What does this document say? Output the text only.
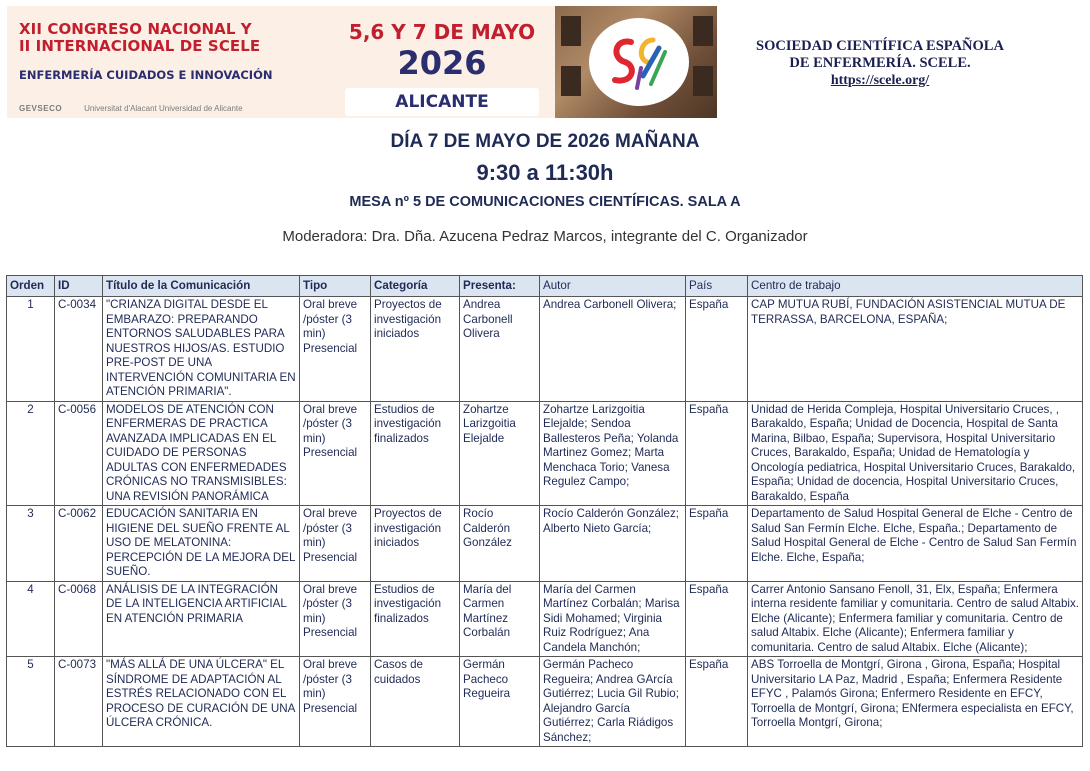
XII CONGRESO NACIONAL Y
II INTERNACIONAL DE SCELE
ENFERMERÍA CUIDADOS E INNOVACIÓN
GEVSECO	Universitat d'Alacant Universidad de Alicante
5,6 Y 7 DE MAYO
2026
ALICANTE
SOCIEDAD CIENTÍFICA ESPAÑOLA
DE ENFERMERÍA. SCELE.
https://scele.org/
DÍA 7 DE MAYO DE 2026 MAÑANA
9:30 a 11:30h
MESA nº 5 DE COMUNICACIONES CIENTÍFICAS. SALA A
Moderadora: Dra. Dña. Azucena Pedraz Marcos, integrante del C. Organizador
Orden	ID	Título de la Comunicación	Tipo	Categoría	Presenta:	Autor	País	Centro de trabajo
1	C-0034	"CRIANZA DIGITAL DESDE EL EMBARAZO: PREPARANDO ENTORNOS SALUDABLES PARA NUESTROS HIJOS/AS. ESTUDIO PRE-POST DE UNA INTERVENCIÓN COMUNITARIA EN ATENCIÓN PRIMARIA".	Oral breve /póster (3 min) Presencial	Proyectos de investigación iniciados	Andrea Carbonell Olivera	Andrea Carbonell Olivera;	España	CAP MUTUA RUBÍ, FUNDACIÓN ASISTENCIAL MUTUA DE TERRASSA, BARCELONA, ESPAÑA;
2	C-0056	MODELOS DE ATENCIÓN CON ENFERMERAS DE PRACTICA AVANZADA IMPLICADAS EN EL CUIDADO DE PERSONAS ADULTAS CON ENFERMEDADES CRÓNICAS NO TRANSMISIBLES: UNA REVISIÓN PANORÁMICA	Oral breve /póster (3 min) Presencial	Estudios de investigación finalizados	Zohartze Larizgoitia Elejalde	Zohartze Larizgoitia Elejalde; Sendoa Ballesteros Peña; Yolanda Martinez Gomez; Marta Menchaca Torio; Vanesa Regulez Campo;	España	Unidad de Herida Compleja, Hospital Universitario Cruces, , Barakaldo, España; Unidad de Docencia, Hospital de Santa Marina, Bilbao, España; Supervisora, Hospital Universitario Cruces, Barakaldo, España; Unidad de Hematología y Oncología pediatrica, Hospital Universitario Cruces, Barakaldo, España; Unidad de docencia, Hospital Universitario Cruces, Barakaldo, España
3	C-0062	EDUCACIÓN SANITARIA EN HIGIENE DEL SUEÑO FRENTE AL USO DE MELATONINA: PERCEPCIÓN DE LA MEJORA DEL SUEÑO.	Oral breve /póster (3 min) Presencial	Proyectos de investigación iniciados	Rocío Calderón González	Rocío Calderón González; Alberto Nieto García;	España	Departamento de Salud Hospital General de Elche - Centro de Salud San Fermín Elche. Elche, España.; Departamento de Salud Hospital General de Elche - Centro de Salud San Fermín Elche. Elche, España;
4	C-0068	ANÁLISIS DE LA INTEGRACIÓN DE LA INTELIGENCIA ARTIFICIAL EN ATENCIÓN PRIMARIA	Oral breve /póster (3 min) Presencial	Estudios de investigación finalizados	María del Carmen Martínez Corbalán	María del Carmen Martínez Corbalán; Marisa Sidi Mohamed; Virginia Ruiz Rodríguez; Ana Candela Manchón;	España	Carrer Antonio Sansano Fenoll, 31, Elx, España; Enfermera interna residente familiar y comunitaria. Centro de salud Altabix. Elche (Alicante); Enfermera familiar y comunitaria. Centro de salud Altabix. Elche (Alicante); Enfermera familiar y comunitaria. Centro de salud Altabix. Elche (Alicante);
5	C-0073	"MÁS ALLÁ DE UNA ÚLCERA" EL SÍNDROME DE ADAPTACIÓN AL ESTRÉS RELACIONADO CON EL PROCESO DE CURACIÓN DE UNA ÚLCERA CRÓNICA.	Oral breve /póster (3 min) Presencial	Casos de cuidados	Germán Pacheco Regueira	Germán Pacheco Regueira; Andrea GArcía Gutiérrez; Lucia Gil Rubio; Alejandro García Gutiérrez; Carla Riádigos Sánchez;	España	ABS Torroella de Montgrí, Girona , Girona, España; Hospital Universitario LA Paz, Madrid , España; Enfermera Residente EFYC , Palamós Girona; Enfermero Residente en EFCY, Torroella de Montgrí, Girona; ENfermera especialista en EFCY, Torroella Montgrí, Girona;
